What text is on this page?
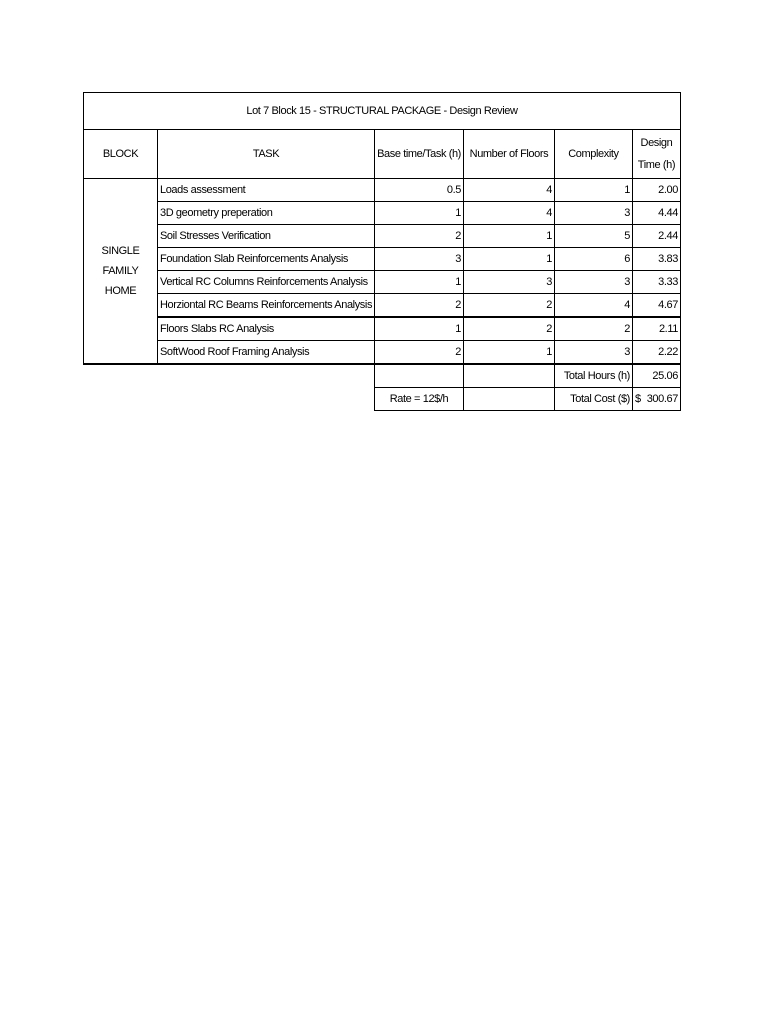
Lot 7 Block 15 - STRUCTURAL PACKAGE - Design Review					
BLOCK	TASK	Base time/Task (h)	Number of Floors	Complexity	Design
Time (h)

SINGLE FAMILY
HOME	Loads assessment	0.5	4	1	2.00
	3D geometry preperation	1	4	3	4.44
	Soil Stresses Verification	2	1	5	2.44
	Foundation Slab Reinforcements Analysis	3	1	6	3.83
	Vertical RC Columns Reinforcements Analysis	1	3	3	3.33
	Horziontal RC Beams Reinforcements Analysis	2	2	4	4.67
	Floors Slabs RC Analysis	1	2	2	2.11
	SoftWood Roof Framing Analysis	2	1	3	2.22
				Total Hours (h)	25.06
		Rate = 12$/h		Total Cost ($)	$ 300.67
